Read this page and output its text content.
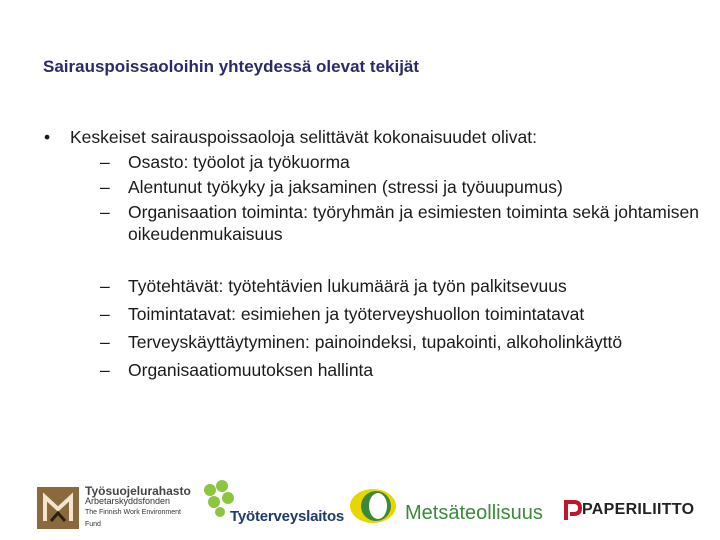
Sairauspoissaoloihin yhteydessä olevat tekijät
•	Keskeiset sairauspoissaoloja selittävät kokonaisuudet olivat:
–	Osasto: työolot ja työkuorma
–	Alentunut työkyky ja jaksaminen (stressi ja työuupumus)
–	Organisaation toiminta: työryhmän ja esimiesten toiminta sekä johtamisen oikeudenmukaisuus
–	Työtehtävät: työtehtävien lukumäärä ja työn palkitsevuus
–	Toimintatavat: esimiehen ja työterveyshuollon toimintatavat
–	Terveyskäyttäytyminen: painoindeksi, tupakointi, alkoholinkäyttö
–	Organisaatiomuutoksen hallinta
Työsuojelurahasto
Arbetarskyddsfonden
The Finnish Work Environment Fund	Työterveyslaitos	Metsäteollisuus PAPERILIITTO
